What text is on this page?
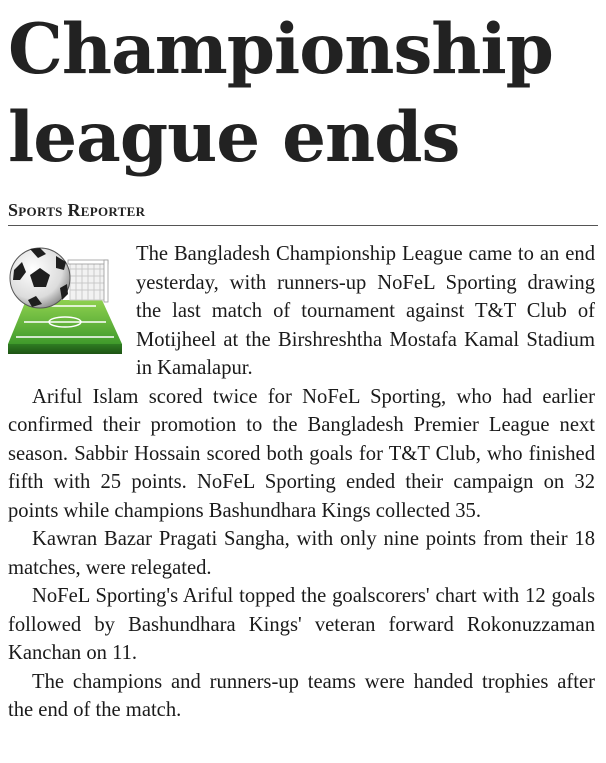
Championship league ends
Sports Reporter

The Bangladesh Championship League came to an end yesterday, with runners-up NoFeL Sporting drawing the last match of tournament against T&T Club of Motijheel at the Birshreshtha Mostafa Kamal Stadium in Kamalapur.

Ariful Islam scored twice for NoFeL Sporting, who had earlier confirmed their promotion to the Bangladesh Premier League next season. Sabbir Hossain scored both goals for T&T Club, who finished fifth with 25 points. NoFeL Sporting ended their campaign on 32 points while champions Bashundhara Kings collected 35.

Kawran Bazar Pragati Sangha, with only nine points from their 18 matches, were relegated.

NoFeL Sporting's Ariful topped the goalscorers' chart with 12 goals followed by Bashundhara Kings' veteran forward Rokonuzzaman Kanchan on 11.

The champions and runners-up teams were handed trophies after the end of the match.
